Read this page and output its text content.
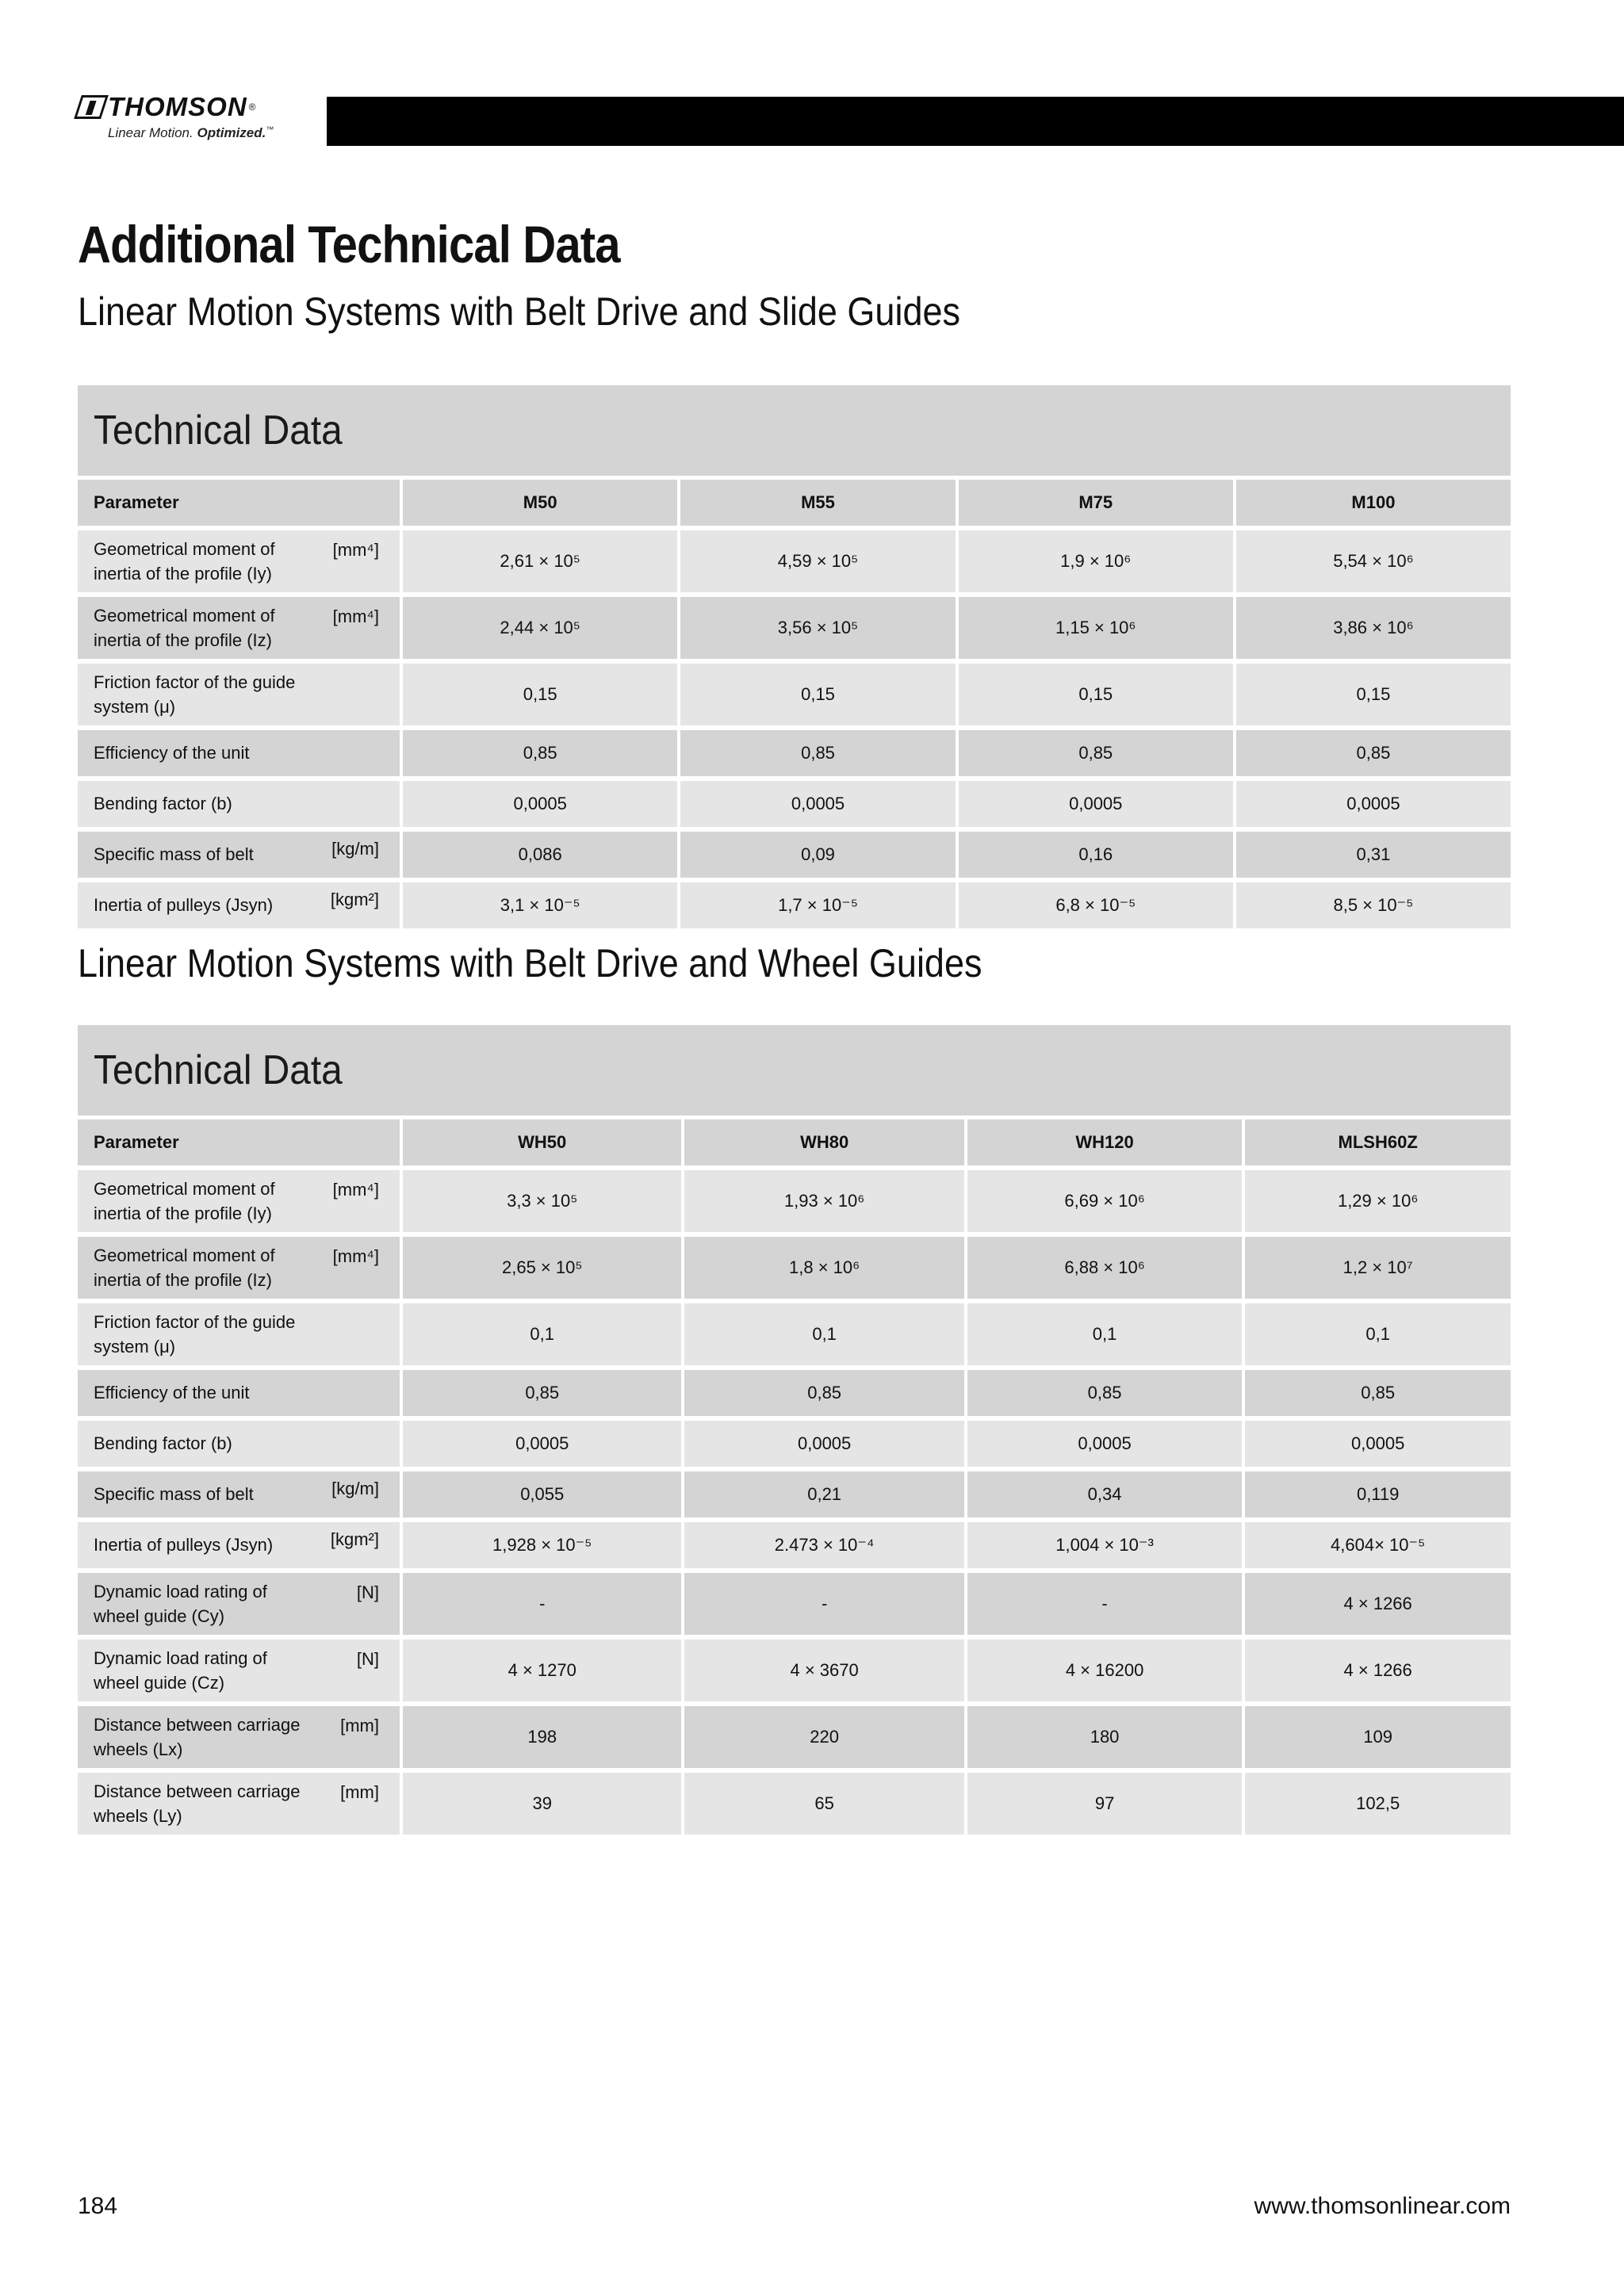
THOMSON ®
Linear Motion. Optimized.™
Additional Technical Data
Linear Motion Systems with Belt Drive and Slide Guides
Technical Data
Parameter	M50	M55	M75	M100

Geometrical moment of inertia of the profile (Iy)
[mm⁴]	2,61 × 10⁵	4,59 × 10⁵	1,9 × 10⁶	5,54 × 10⁶

Geometrical moment of inertia of the profile (Iz)
[mm⁴]	2,44 × 10⁵	3,56 × 10⁵	1,15 × 10⁶	3,86 × 10⁶

Friction factor of the guide system (μ)	0,15	0,15	0,15	0,15

Efficiency of the unit	0,85	0,85	0,85	0,85

Bending factor (b)	0,0005	0,0005	0,0005	0,0005

Specific mass of belt [kg/m]	0,086	0,09	0,16	0,31

Inertia of pulleys (Jsyn) [kgm²]	3,1 × 10⁻⁵	1,7 × 10⁻⁵	6,8 × 10⁻⁵	8,5 × 10⁻⁵
Linear Motion Systems with Belt Drive and Wheel Guides
Technical Data
Parameter	WH50	WH80	WH120	MLSH60Z

Geometrical moment of inertia of the profile (Iy)
[mm⁴]	3,3 × 10⁵	1,93 × 10⁶	6,69 × 10⁶	1,29 × 10⁶

Geometrical moment of inertia of the profile (Iz)
[mm⁴]	2,65 × 10⁵	1,8 × 10⁶	6,88 × 10⁶	1,2 × 10⁷

Friction factor of the guide system (μ)	0,1	0,1	0,1	0,1

Efficiency of the unit	0,85	0,85	0,85	0,85

Bending factor (b)	0,0005	0,0005	0,0005	0,0005

Specific mass of belt [kg/m]	0,055	0,21	0,34	0,119

Inertia of pulleys (Jsyn) [kgm²]	1,928 × 10⁻⁵	2.473 × 10⁻⁴	1,004 × 10⁻³	4,604× 10⁻⁵

Dynamic load rating of wheel guide (Cy)
[N]	-	-	-	4 × 1266

Dynamic load rating of wheel guide (Cz)
[N]	4 × 1270	4 × 3670	4 × 16200	4 × 1266

Distance between carriage wheels (Lx)
[mm]	198	220	180	109

Distance between carriage wheels (Ly)
[mm]	39	65	97	102,5
184	www.thomsonlinear.com
